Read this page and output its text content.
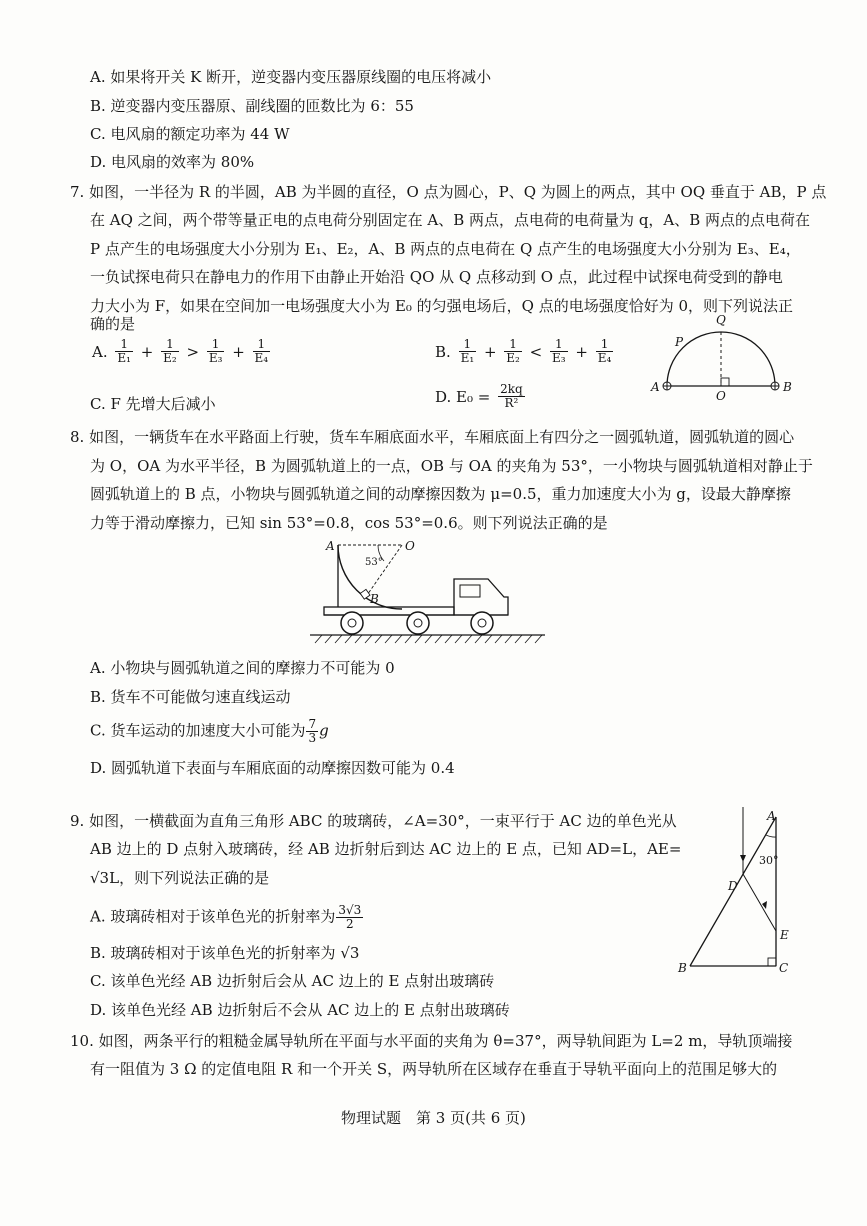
A. 如果将开关 K 断开，逆变器内变压器原线圈的电压将减小
B. 逆变器内变压器原、副线圈的匝数比为 6：55
C. 电风扇的额定功率为 44 W
D. 电风扇的效率为 80%
7. 如图，一半径为 R 的半圆，AB 为半圆的直径，O 点为圆心，P、Q 为圆上的两点，其中 OQ 垂直于 AB，P 点
在 AQ 之间，两个带等量正电的点电荷分别固定在 A、B 两点，点电荷的电荷量为 q，A、B 两点的点电荷在
P 点产生的电场强度大小分别为 E₁、E₂，A、B 两点的点电荷在 Q 点产生的电场强度大小分别为 E₃、E₄，
一负试探电荷只在静电力的作用下由静止开始沿 QO 从 Q 点移动到 O 点，此过程中试探电荷受到的静电
力大小为 F，如果在空间加一电场强度大小为 E₀ 的匀强电场后，Q 点的电场强度恰好为 0，则下列说法正
确的是
A. $\frac{1}{\text{E₁}} + \frac{1}{\text{E₂}} > \frac{1}{\text{E₃}} + \frac{1}{\text{E₄}}$	B. $\frac{1}{\text{E₁}} + \frac{1}{\text{E₂}} < \frac{1}{\text{E₃}} + \frac{1}{\text{E₄}}$
C. F 先增大后减小	D. $E_0 = \frac{2kq}{\text{R²}}$
Q
P
A
O
B
8. 如图，一辆货车在水平路面上行驶，货车车厢底面水平，车厢底面上有四分之一圆弧轨道，圆弧轨道的圆心
为 O，OA 为水平半径，B 为圆弧轨道上的一点，OB 与 OA 的夹角为 53°，一小物块与圆弧轨道相对静止于
圆弧轨道上的 B 点，小物块与圆弧轨道之间的动摩擦因数为 μ=0.5，重力加速度大小为 g，设最大静摩擦
力等于滑动摩擦力，已知 sin 53°=0.8，cos 53°=0.6。则下列说法正确的是
A	O
B
53°
A. 小物块与圆弧轨道之间的摩擦力不可能为 0
B. 货车不可能做匀速直线运动
C. 货车运动的加速度大小可能为 $\frac{7}{3}$ g
D. 圆弧轨道下表面与车厢底面的动摩擦因数可能为 0.4
9. 如图，一横截面为直角三角形 ABC 的玻璃砖，∠A=30°，一束平行于 AC 边的单色光从
AB 边上的 D 点射入玻璃砖，经 AB 边折射后到达 AC 边上的 E 点，已知 AD=L，AE=
√3L，则下列说法正确的是
A. 玻璃砖相对于该单色光的折射率为 $\frac{3√3}{2}$
B. 玻璃砖相对于该单色光的折射率为 √3
C. 该单色光经 AB 边折射后会从 AC 边上的 E 点射出玻璃砖
D. 该单色光经 AB 边折射后不会从 AC 边上的 E 点射出玻璃砖
A
30°
D
E
B	C
10. 如图，两条平行的粗糙金属导轨所在平面与水平面的夹角为 θ=37°，两导轨间距为 L=2 m，导轨顶端接
有一阻值为 3 Ω 的定值电阻 R 和一个开关 S，两导轨所在区域存在垂直于导轨平面向上的范围足够大的
物理试题　第 3 页(共 6 页)
